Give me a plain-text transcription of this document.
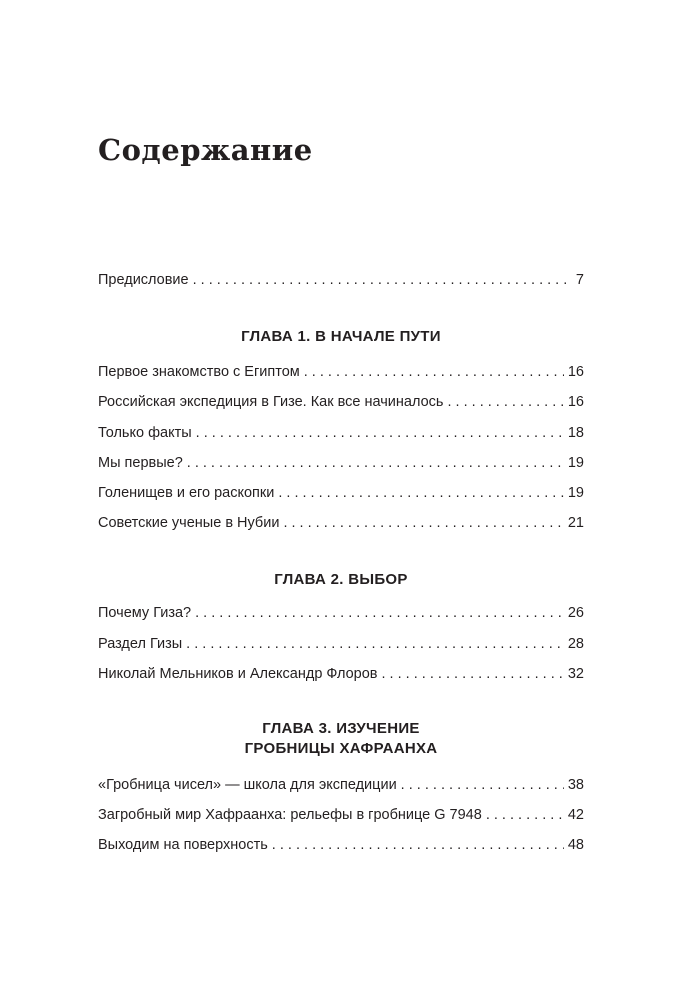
Содержание
Предисловие . . .	7
ГЛАВА 1. В НАЧАЛЕ ПУТИ
Первое знакомство с Египтом . . .	16
Российская экспедиция в Гизе. Как все начиналось . . .	16
Только факты . . .	18
Мы первые? . . .	19
Голенищев и его раскопки . . .	19
Советские ученые в Нубии . . .	21
ГЛАВА 2. ВЫБОР
Почему Гиза? . . .	26
Раздел Гизы . . .	28
Николай Мельников и Александр Флоров . . .	32
ГЛАВА 3. ИЗУЧЕНИЕ
ГРОБНИЦЫ ХАФРААНХА
«Гробница чисел» — школа для экспедиции . . .	38
Загробный мир Хафраанха: рельефы в гробнице G 7948 . . .	42
Выходим на поверхность . . .	48
